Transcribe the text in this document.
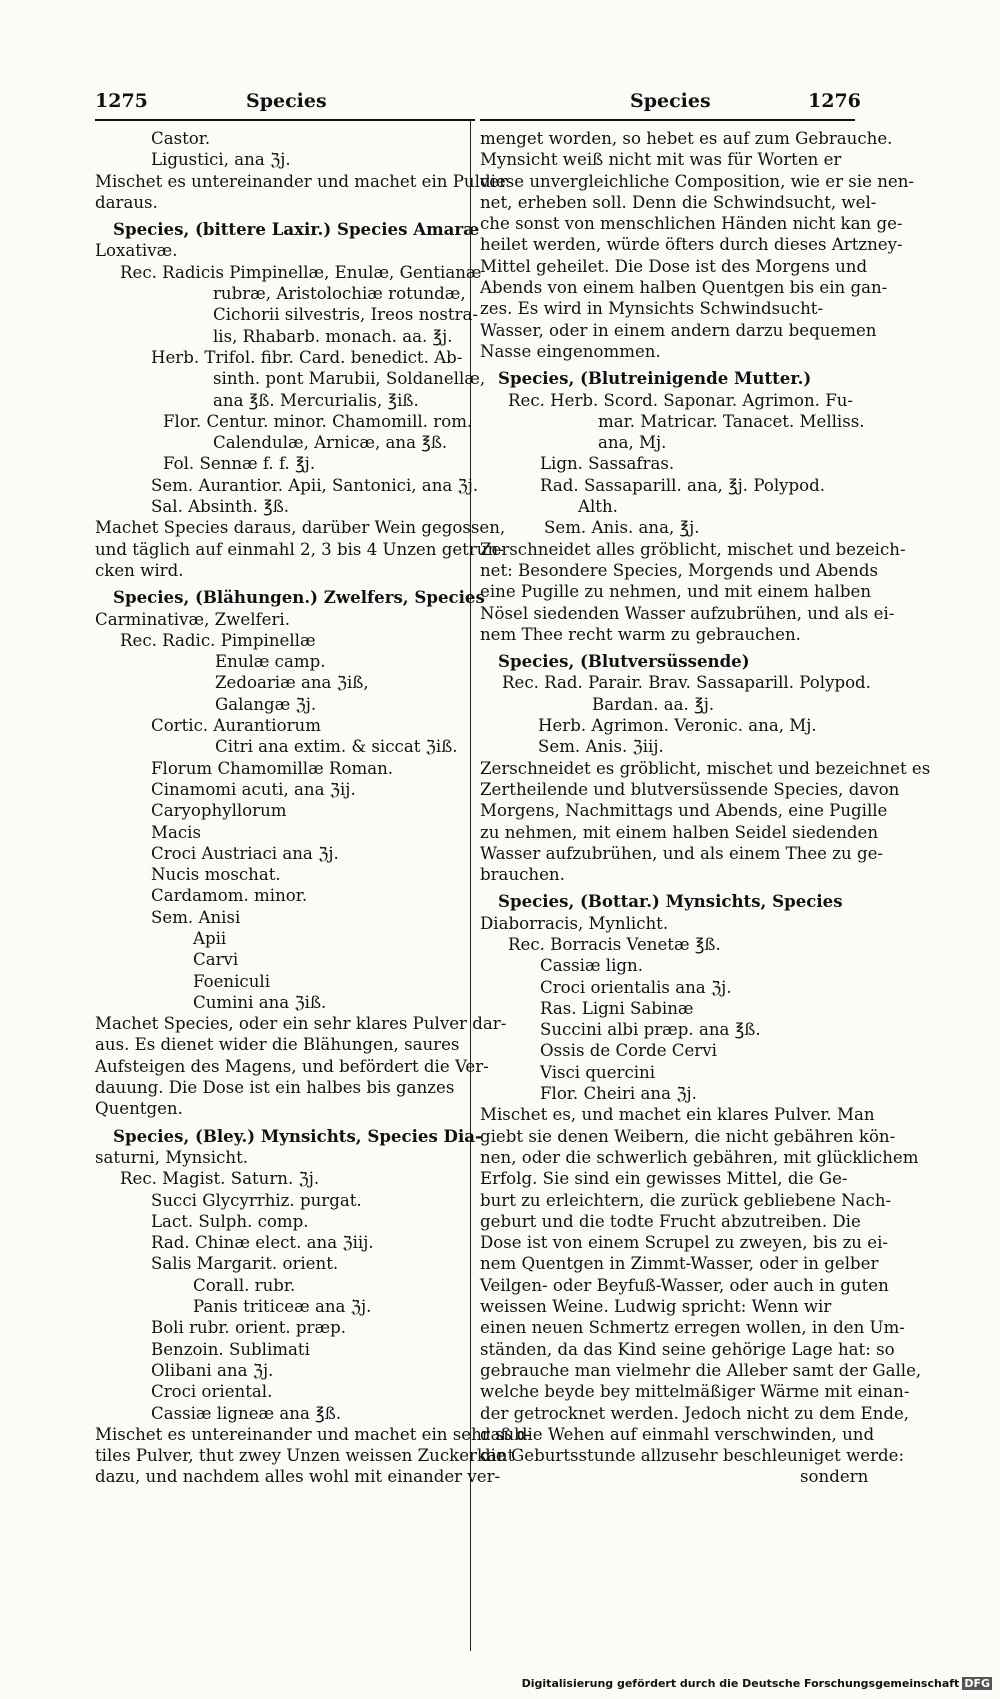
1275	Species	Species	1276
Castor.
Ligustici, ana ℨj.
Mischet es untereinander und machet ein Pulver
daraus.
Species, (bittere Laxir.) Species Amaræ
Loxativæ.
Rec. Radicis Pimpinellæ, Enulæ, Gentianæ
rubræ, Aristolochiæ rotundæ,
Cichorii silvestris, Ireos nostra-
lis, Rhabarb. monach. aa. ℥j.
Herb. Trifol. fibr. Card. benedict. Ab-
sinth. pont Marubii, Soldanellæ,
ana ℥ß. Mercurialis, ℥iß.
Flor. Centur. minor. Chamomill. rom.
Calendulæ, Arnicæ, ana ℥ß.
Fol. Sennæ f. f. ℥j.
Sem. Aurantior. Apii, Santonici, ana ℨj.
Sal. Absinth. ℥ß.
Machet Species daraus, darüber Wein gegossen,
und täglich auf einmahl 2, 3 bis 4 Unzen getrun-
cken wird.
Species, (Blähungen.) Zwelfers, Species
Carminativæ, Zwelferi.
Rec. Radic. Pimpinellæ
Enulæ camp.
Zedoariæ ana ℨiß,
Galangæ ℨj.
Cortic. Aurantiorum
Citri ana extim. & siccat ℨiß.
Florum Chamomillæ Roman.
Cinamomi acuti, ana ℨij.
Caryophyllorum
Macis
Croci Austriaci ana ℨj.
Nucis moschat.
Cardamom. minor.
Sem. Anisi
Apii
Carvi
Foeniculi
Cumini ana ℨiß.
Machet Species, oder ein sehr klares Pulver dar-
aus. Es dienet wider die Blähungen, saures
Aufsteigen des Magens, und befördert die Ver-
dauung. Die Dose ist ein halbes bis ganzes
Quentgen.
Species, (Bley.) Mynsichts, Species Dia-
saturni, Mynsicht.
Rec. Magist. Saturn. ℨj.
Succi Glycyrrhiz. purgat.
Lact. Sulph. comp.
Rad. Chinæ elect. ana ℨiij.
Salis Margarit. orient.
Corall. rubr.
Panis triticeæ ana ℨj.
Boli rubr. orient. præp.
Benzoin. Sublimati
Olibani ana ℨj.
Croci oriental.
Cassiæ ligneæ ana ℥ß.
Mischet es untereinander und machet ein sehr sub-
tiles Pulver, thut zwey Unzen weissen Zuckerkant
dazu, und nachdem alles wohl mit einander ver-
menget worden, so hebet es auf zum Gebrauche.
Mynsicht weiß nicht mit was für Worten er
diese unvergleichliche Composition, wie er sie nen-
net, erheben soll. Denn die Schwindsucht, wel-
che sonst von menschlichen Händen nicht kan ge-
heilet werden, würde öfters durch dieses Artzney-
Mittel geheilet. Die Dose ist des Morgens und
Abends von einem halben Quentgen bis ein gan-
zes. Es wird in Mynsichts Schwindsucht-
Wasser, oder in einem andern darzu bequemen
Nasse eingenommen.
Species, (Blutreinigende Mutter.)
Rec. Herb. Scord. Saponar. Agrimon. Fu-
mar. Matricar. Tanacet. Melliss.
ana, Mj.
Lign. Sassafras.
Rad. Sassaparill. ana, ℥j. Polypod.
Alth.
Sem. Anis. ana, ℥j.
Zerschneidet alles gröblicht, mischet und bezeich-
net: Besondere Species, Morgends und Abends
eine Pugille zu nehmen, und mit einem halben
Nösel siedenden Wasser aufzubrühen, und als ei-
nem Thee recht warm zu gebrauchen.
Species, (Blutversüssende)
Rec. Rad. Parair. Brav. Sassaparill. Polypod.
Bardan. aa. ℥j.
Herb. Agrimon. Veronic. ana, Mj.
Sem. Anis. ℨiij.
Zerschneidet es gröblicht, mischet und bezeichnet es
Zertheilende und blutversüssende Species, davon
Morgens, Nachmittags und Abends, eine Pugille
zu nehmen, mit einem halben Seidel siedenden
Wasser aufzubrühen, und als einem Thee zu ge-
brauchen.
Species, (Bottar.) Mynsichts, Species
Diaborracis, Mynlicht.
Rec. Borracis Venetæ ℥ß.
Cassiæ lign.
Croci orientalis ana ℨj.
Ras. Ligni Sabinæ
Succini albi præp. ana ℥ß.
Ossis de Corde Cervi
Visci quercini
Flor. Cheiri ana ℨj.
Mischet es, und machet ein klares Pulver. Man
giebt sie denen Weibern, die nicht gebähren kön-
nen, oder die schwerlich gebähren, mit glücklichem
Erfolg. Sie sind ein gewisses Mittel, die Ge-
burt zu erleichtern, die zurück gebliebene Nach-
geburt und die todte Frucht abzutreiben. Die
Dose ist von einem Scrupel zu zweyen, bis zu ei-
nem Quentgen in Zimmt-Wasser, oder in gelber
Veilgen- oder Beyfuß-Wasser, oder auch in guten
weissen Weine. Ludwig spricht: Wenn wir
einen neuen Schmertz erregen wollen, in den Um-
ständen, da das Kind seine gehörige Lage hat: so
gebrauche man vielmehr die Alleber samt der Galle,
welche beyde bey mittelmäßiger Wärme mit einan-
der getrocknet werden. Jedoch nicht zu dem Ende,
daß die Wehen auf einmahl verschwinden, und
die Geburtsstunde allzusehr beschleuniget werde:
sondern
Digitalisierung gefördert durch die Deutsche Forschungsgemeinschaft DFG
